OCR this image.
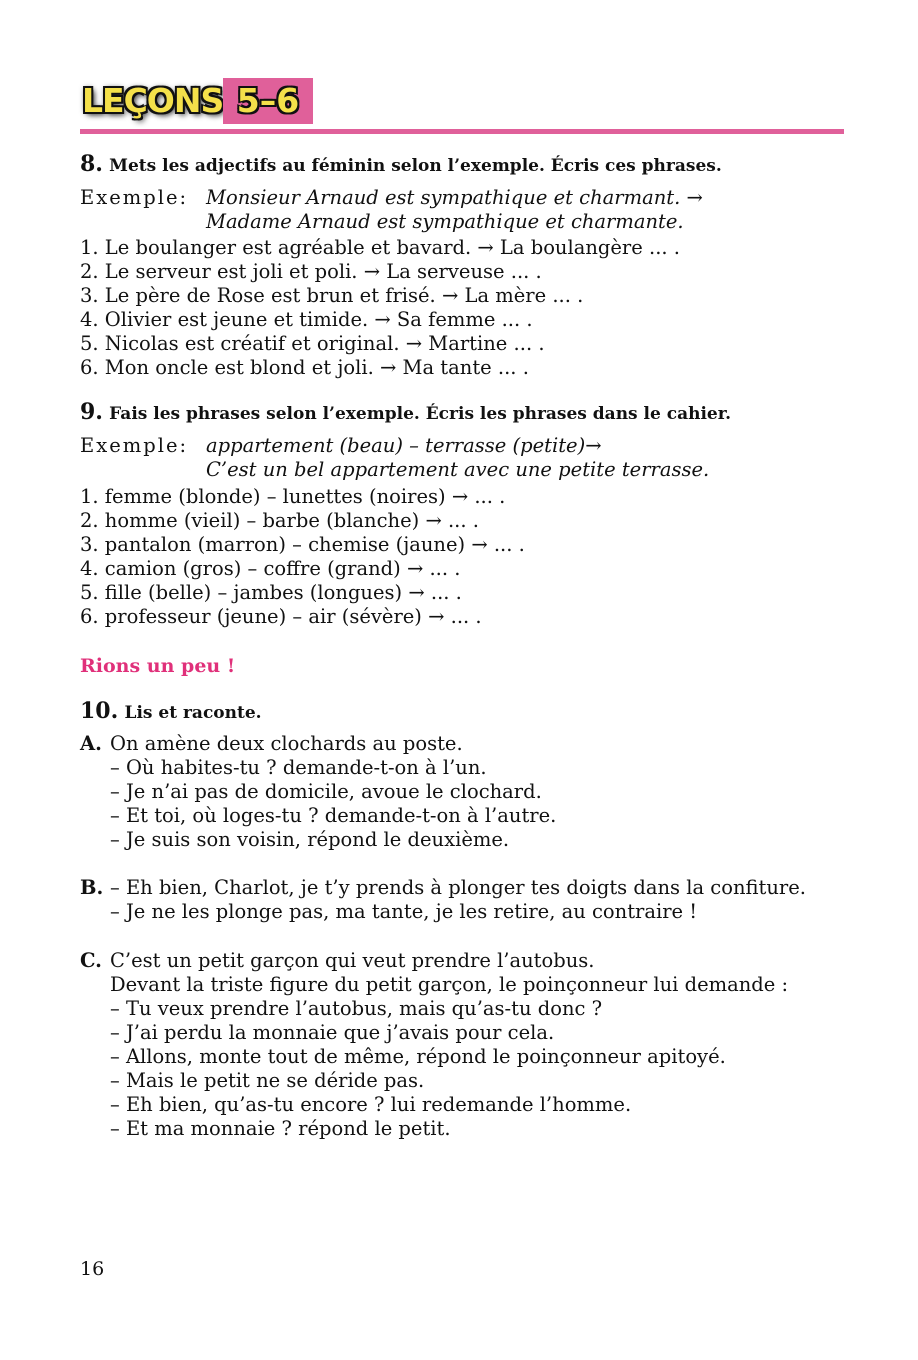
LEÇONS 5–6
8. Mets les adjectifs au féminin selon l’exemple. Écris ces phrases.
Exemple: Monsieur Arnaud est sympathique et charmant. →
Madame Arnaud est sympathique et charmante.
1. Le boulanger est agréable et bavard. → La boulangère ... .
2. Le serveur est joli et poli. → La serveuse ... .
3. Le père de Rose est brun et frisé. → La mère ... .
4. Olivier est jeune et timide. → Sa femme ... .
5. Nicolas est créatif et original. → Martine ... .
6. Mon oncle est blond et joli. → Ma tante ... .
9. Fais les phrases selon l’exemple. Écris les phrases dans le cahier.
Exemple: appartement (beau) – terrasse (petite)→
C’est un bel appartement avec une petite terrasse.
1. femme (blonde) – lunettes (noires) → ... .
2. homme (vieil) – barbe (blanche) → ... .
3. pantalon (marron) – chemise (jaune) → ... .
4. camion (gros) – coffre (grand) → ... .
5. fille (belle) – jambes (longues) → ... .
6. professeur (jeune) – air (sévère) → ... .
Rions un peu !
10. Lis et raconte.
A. On amène deux clochards au poste.
– Où habites-tu ? demande-t-on à l’un.
– Je n’ai pas de domicile, avoue le clochard.
– Et toi, où loges-tu ? demande-t-on à l’autre.
– Je suis son voisin, répond le deuxième.
B. – Eh bien, Charlot, je t’y prends à plonger tes doigts dans la confiture.
– Je ne les plonge pas, ma tante, je les retire, au contraire !
C. C’est un petit garçon qui veut prendre l’autobus.
Devant la triste figure du petit garçon, le poinçonneur lui demande :
– Tu veux prendre l’autobus, mais qu’as-tu donc ?
– J’ai perdu la monnaie que j’avais pour cela.
– Allons, monte tout de même, répond le poinçonneur apitoyé.
– Mais le petit ne se déride pas.
– Eh bien, qu’as-tu encore ? lui redemande l’homme.
– Et ma monnaie ? répond le petit.
16
